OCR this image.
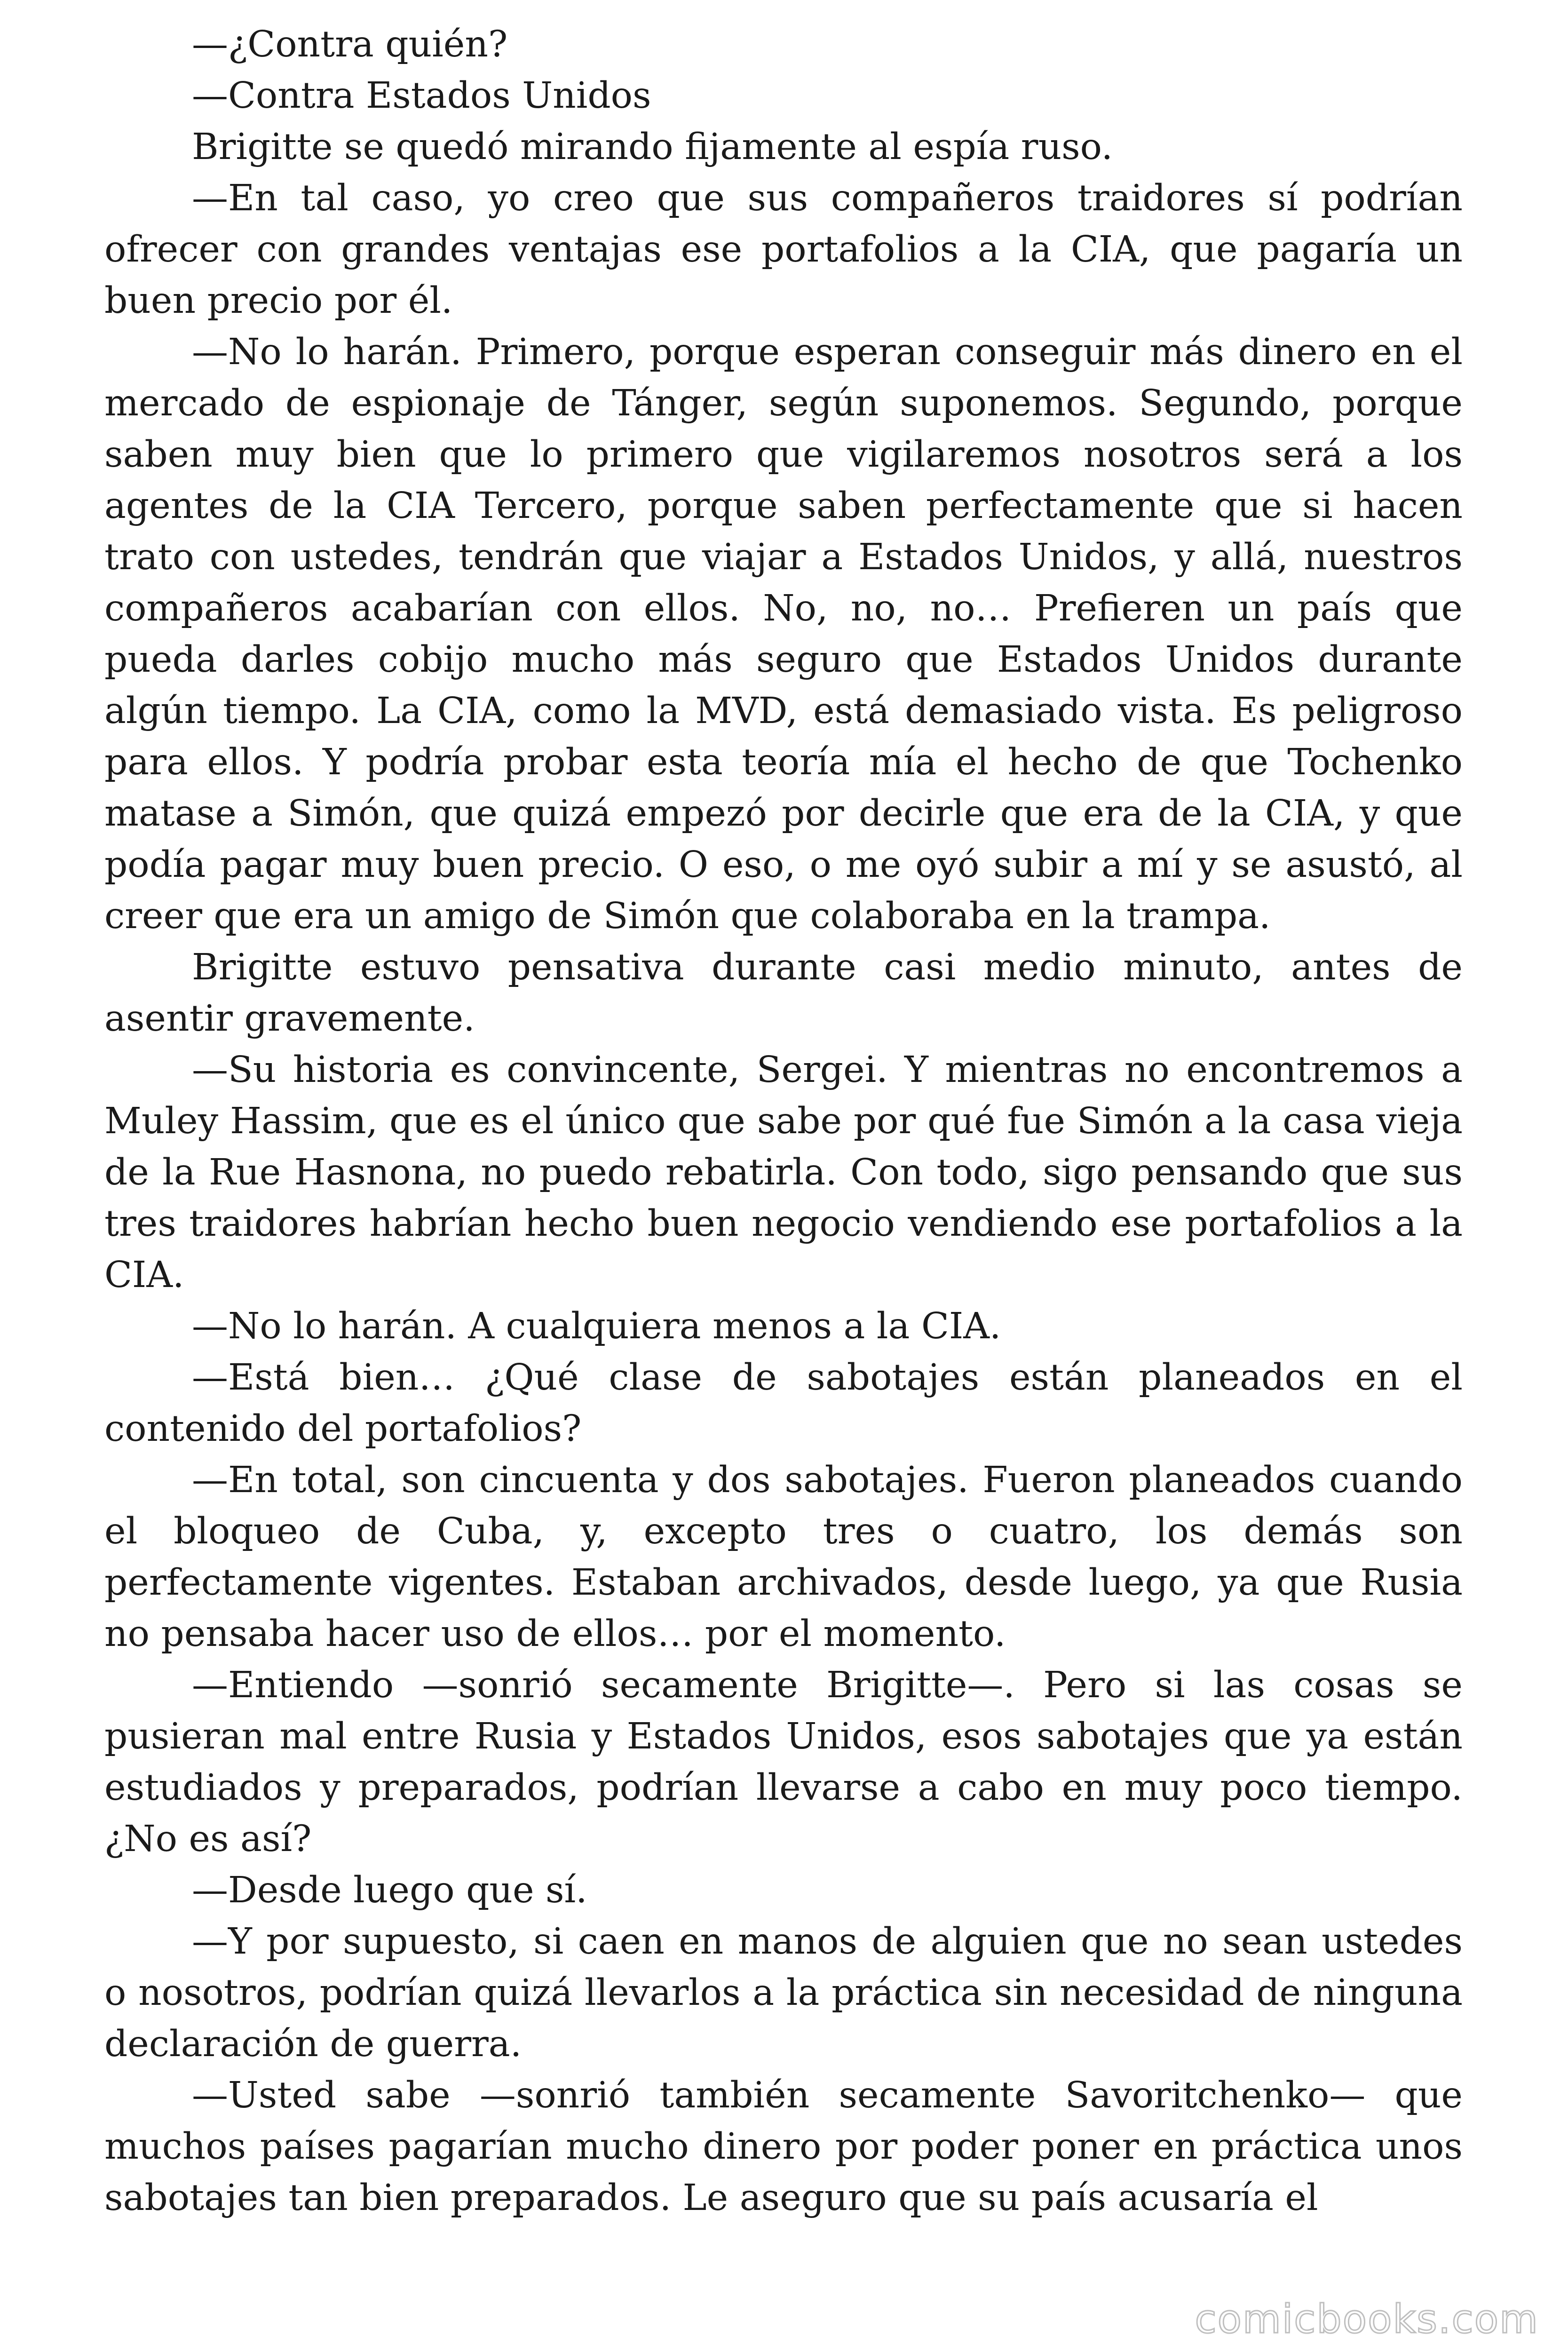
—¿Contra quién?

—Contra Estados Unidos

Brigitte se quedó mirando fijamente al espía ruso.

—En tal caso, yo creo que sus compañeros traidores sí podrían ofrecer con grandes ventajas ese portafolios a la CIA, que pagaría un buen precio por él.

—No lo harán. Primero, porque esperan conseguir más dinero en el mercado de espionaje de Tánger, según suponemos. Segundo, porque saben muy bien que lo primero que vigilaremos nosotros será a los agentes de la CIA Tercero, porque saben perfectamente que si hacen trato con ustedes, tendrán que viajar a Estados Unidos, y allá, nuestros compañeros acabarían con ellos. No, no, no… Prefieren un país que pueda darles cobijo mucho más seguro que Estados Unidos durante algún tiempo. La CIA, como la MVD, está demasiado vista. Es peligroso para ellos. Y podría probar esta teoría mía el hecho de que Tochenko matase a Simón, que quizá empezó por decirle que era de la CIA, y que podía pagar muy buen precio. O eso, o me oyó subir a mí y se asustó, al creer que era un amigo de Simón que colaboraba en la trampa.

Brigitte estuvo pensativa durante casi medio minuto, antes de asentir gravemente.

—Su historia es convincente, Sergei. Y mientras no encontremos a Muley Hassim, que es el único que sabe por qué fue Simón a la casa vieja de la Rue Hasnona, no puedo rebatirla. Con todo, sigo pensando que sus tres traidores habrían hecho buen negocio vendiendo ese portafolios a la CIA.

—No lo harán. A cualquiera menos a la CIA.

—Está bien… ¿Qué clase de sabotajes están planeados en el contenido del portafolios?

—En total, son cincuenta y dos sabotajes. Fueron planeados cuando el bloqueo de Cuba, y, excepto tres o cuatro, los demás son perfectamente vigentes. Estaban archivados, desde luego, ya que Rusia no pensaba hacer uso de ellos… por el momento.

—Entiendo —sonrió secamente Brigitte—. Pero si las cosas se pusieran mal entre Rusia y Estados Unidos, esos sabotajes que ya están estudiados y preparados, podrían llevarse a cabo en muy poco tiempo. ¿No es así?

—Desde luego que sí.

—Y por supuesto, si caen en manos de alguien que no sean ustedes o nosotros, podrían quizá llevarlos a la práctica sin necesidad de ninguna declaración de guerra.

—Usted sabe —sonrió también secamente Savoritchenko— que muchos países pagarían mucho dinero por poder poner en práctica unos sabotajes tan bien preparados. Le aseguro que su país acusaría el

comicbooks.com
